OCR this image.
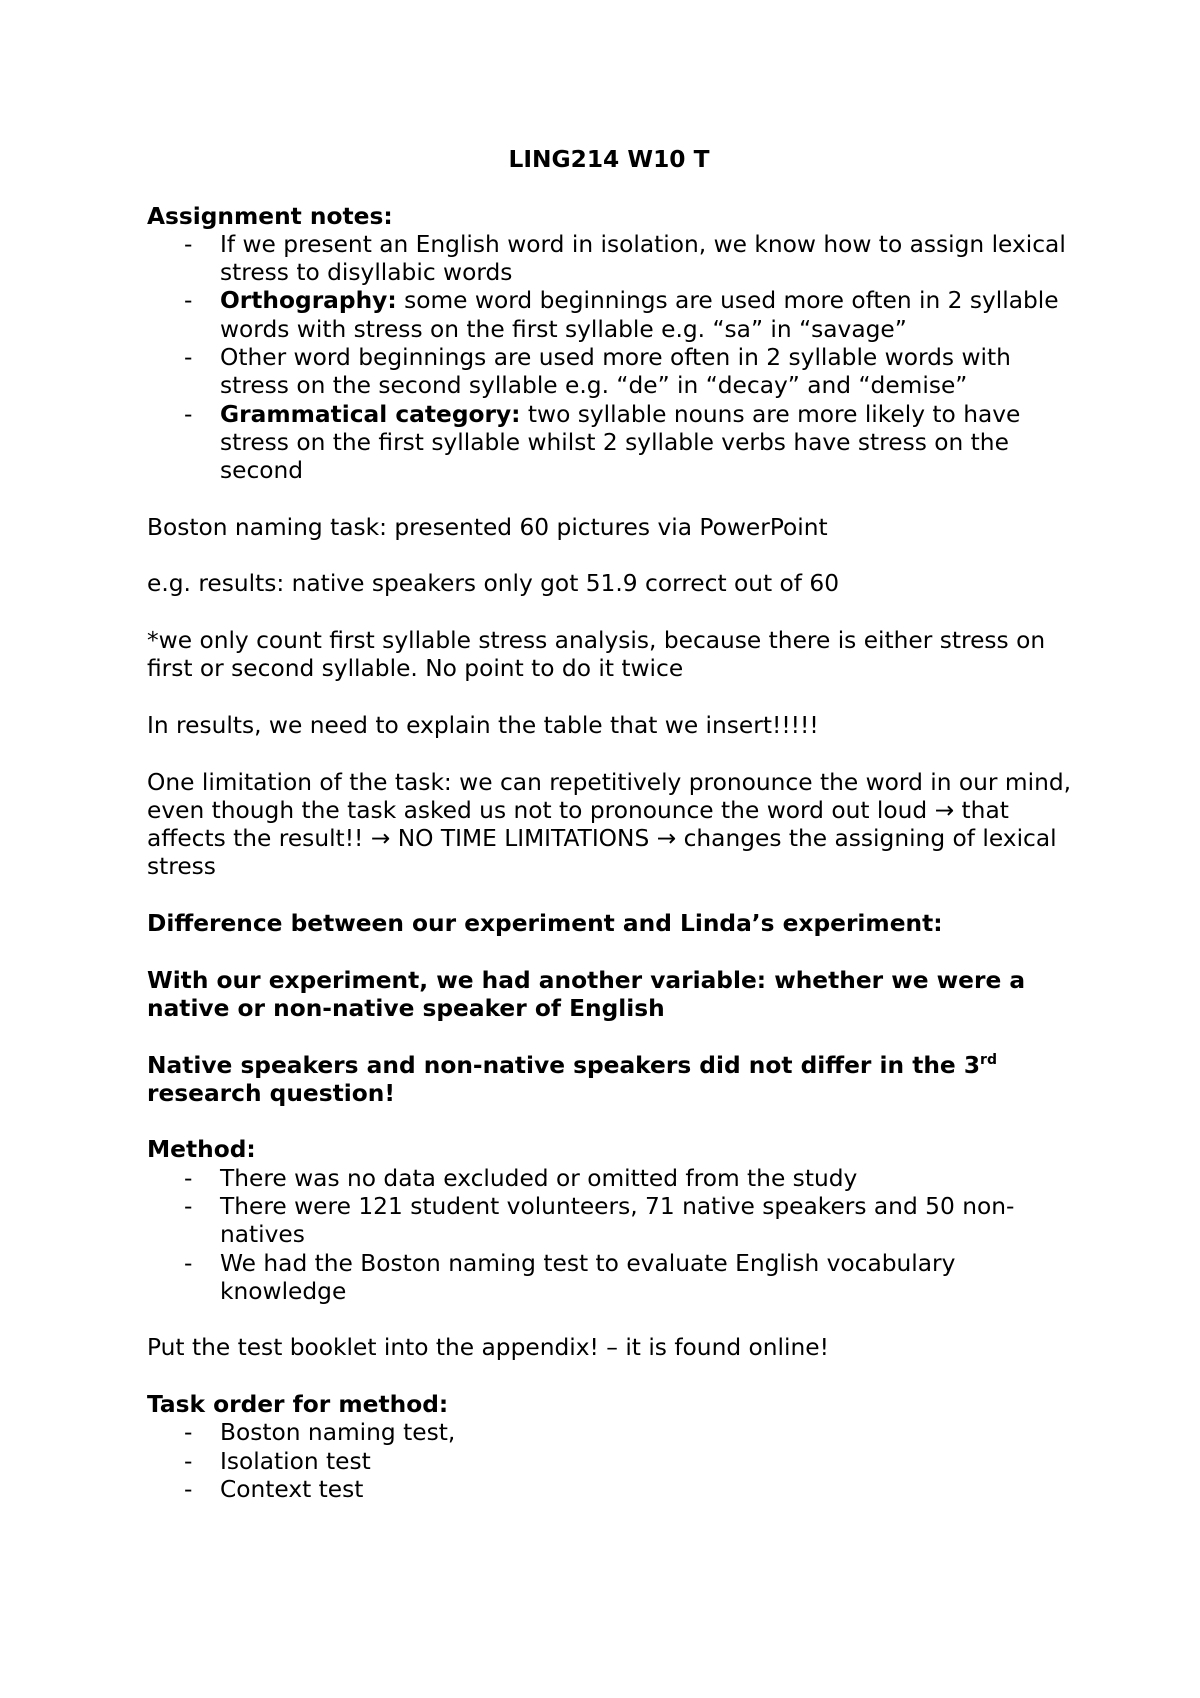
LING214 W10 T

Assignment notes:

- If we present an English word in isolation, we know how to assign lexical stress to disyllabic words
- Orthography: some word beginnings are used more often in 2 syllable words with stress on the first syllable e.g. “sa” in “savage”
- Other word beginnings are used more often in 2 syllable words with stress on the second syllable e.g. “de” in “decay” and “demise”
- Grammatical category: two syllable nouns are more likely to have stress on the first syllable whilst 2 syllable verbs have stress on the second

Boston naming task: presented 60 pictures via PowerPoint

e.g. results: native speakers only got 51.9 correct out of 60

*we only count first syllable stress analysis, because there is either stress on first or second syllable. No point to do it twice

In results, we need to explain the table that we insert!!!!!

One limitation of the task: we can repetitively pronounce the word in our mind, even though the task asked us not to pronounce the word out loud → that affects the result!! → NO TIME LIMITATIONS → changes the assigning of lexical stress

Difference between our experiment and Linda’s experiment:

With our experiment, we had another variable: whether we were a native or non-native speaker of English

Native speakers and non-native speakers did not differ in the 3rd research question!

Method:

- There was no data excluded or omitted from the study
- There were 121 student volunteers, 71 native speakers and 50 non-natives
- We had the Boston naming test to evaluate English vocabulary knowledge

Put the test booklet into the appendix! – it is found online!

Task order for method:

- Boston naming test,
- Isolation test
- Context test
